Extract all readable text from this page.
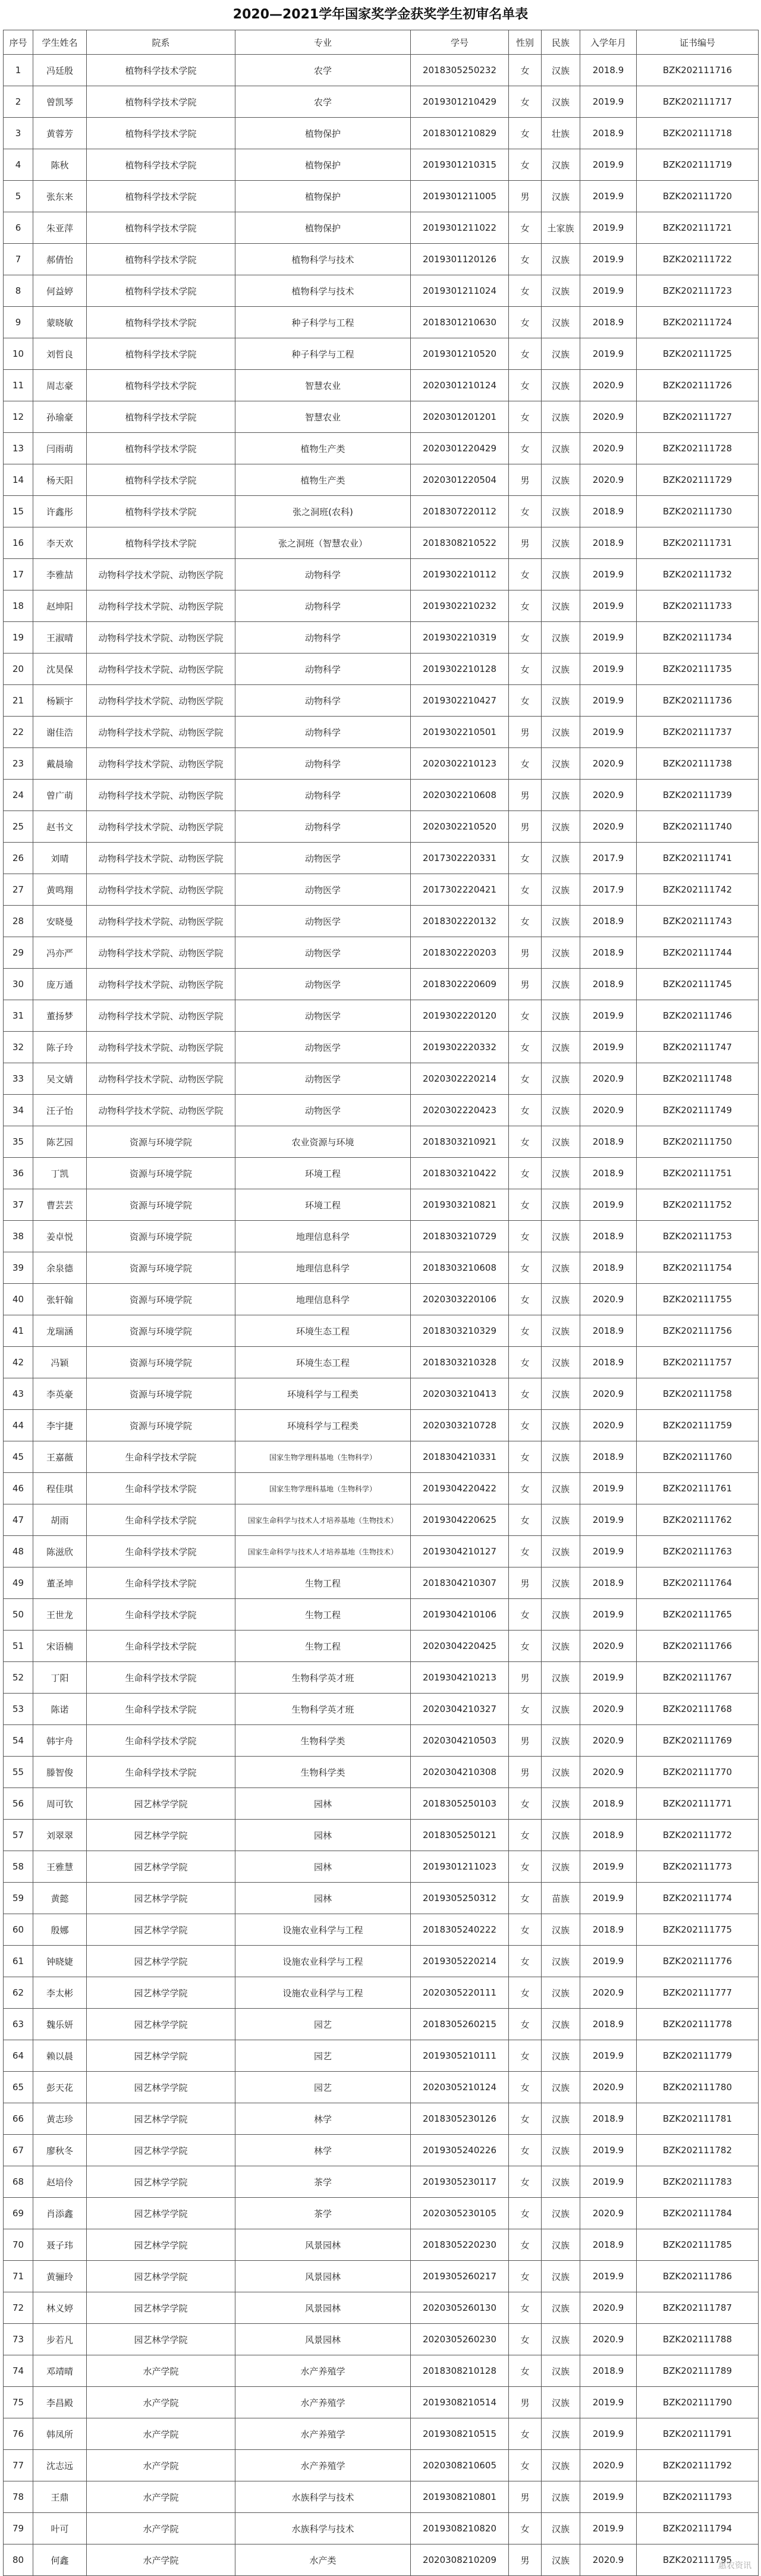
2020—2021学年国家奖学金获奖学生初审名单表
序号	学生姓名	院系	专业	学号	性别	民族	入学年月	证书编号
1	冯廷殷	植物科学技术学院	农学	2018305250232	女	汉族	2018.9	BZK202111716
2	曾凯琴	植物科学技术学院	农学	2019301210429	女	汉族	2019.9	BZK202111717
3	黄蓉芳	植物科学技术学院	植物保护	2018301210829	女	壮族	2018.9	BZK202111718
4	陈秋	植物科学技术学院	植物保护	2019301210315	女	汉族	2019.9	BZK202111719
5	张东来	植物科学技术学院	植物保护	2019301211005	男	汉族	2019.9	BZK202111720
6	朱亚萍	植物科学技术学院	植物保护	2019301211022	女	土家族	2019.9	BZK202111721
7	郝倩怡	植物科学技术学院	植物科学与技术	2019301120126	女	汉族	2019.9	BZK202111722
8	何益婷	植物科学技术学院	植物科学与技术	2019301211024	女	汉族	2019.9	BZK202111723
9	蒙晓敏	植物科学技术学院	种子科学与工程	2018301210630	女	汉族	2018.9	BZK202111724
10	刘哲良	植物科学技术学院	种子科学与工程	2019301210520	女	汉族	2019.9	BZK202111725
11	周志豪	植物科学技术学院	智慧农业	2020301210124	女	汉族	2020.9	BZK202111726
12	孙瑜豪	植物科学技术学院	智慧农业	2020301201201	女	汉族	2020.9	BZK202111727
13	闫雨萌	植物科学技术学院	植物生产类	2020301220429	女	汉族	2020.9	BZK202111728
14	杨天阳	植物科学技术学院	植物生产类	2020301220504	男	汉族	2020.9	BZK202111729
15	许鑫彤	植物科学技术学院	张之洞班(农科)	2018307220112	女	汉族	2018.9	BZK202111730
16	李天欢	植物科学技术学院	张之洞班（智慧农业）	2018308210522	男	汉族	2018.9	BZK202111731
17	李雅喆	动物科学技术学院、动物医学院	动物科学	2019302210112	女	汉族	2019.9	BZK202111732
18	赵坤阳	动物科学技术学院、动物医学院	动物科学	2019302210232	女	汉族	2019.9	BZK202111733
19	王淑晴	动物科学技术学院、动物医学院	动物科学	2019302210319	女	汉族	2019.9	BZK202111734
20	沈昊保	动物科学技术学院、动物医学院	动物科学	2019302210128	女	汉族	2019.9	BZK202111735
21	杨颖宇	动物科学技术学院、动物医学院	动物科学	2019302210427	女	汉族	2019.9	BZK202111736
22	谢佳浩	动物科学技术学院、动物医学院	动物科学	2019302210501	男	汉族	2019.9	BZK202111737
23	戴晨瑜	动物科学技术学院、动物医学院	动物科学	2020302210123	女	汉族	2020.9	BZK202111738
24	曾广萌	动物科学技术学院、动物医学院	动物科学	2020302210608	男	汉族	2020.9	BZK202111739
25	赵书文	动物科学技术学院、动物医学院	动物科学	2020302210520	男	汉族	2020.9	BZK202111740
26	刘晴	动物科学技术学院、动物医学院	动物医学	2017302220331	女	汉族	2017.9	BZK202111741
27	黄鸣翔	动物科学技术学院、动物医学院	动物医学	2017302220421	女	汉族	2017.9	BZK202111742
28	安晓曼	动物科学技术学院、动物医学院	动物医学	2018302220132	女	汉族	2018.9	BZK202111743
29	冯亦严	动物科学技术学院、动物医学院	动物医学	2018302220203	男	汉族	2018.9	BZK202111744
30	庞万通	动物科学技术学院、动物医学院	动物医学	2018302220609	男	汉族	2018.9	BZK202111745
31	董扬梦	动物科学技术学院、动物医学院	动物医学	2019302220120	女	汉族	2019.9	BZK202111746
32	陈子玲	动物科学技术学院、动物医学院	动物医学	2019302220332	女	汉族	2019.9	BZK202111747
33	吴文婧	动物科学技术学院、动物医学院	动物医学	2020302220214	女	汉族	2020.9	BZK202111748
34	汪子怡	动物科学技术学院、动物医学院	动物医学	2020302220423	女	汉族	2020.9	BZK202111749
35	陈艺园	资源与环境学院	农业资源与环境	2018303210921	女	汉族	2018.9	BZK202111750
36	丁凯	资源与环境学院	环境工程	2018303210422	女	汉族	2018.9	BZK202111751
37	曹芸芸	资源与环境学院	环境工程	2019303210821	女	汉族	2019.9	BZK202111752
38	姜卓悦	资源与环境学院	地理信息科学	2018303210729	女	汉族	2018.9	BZK202111753
39	余泉德	资源与环境学院	地理信息科学	2018303210608	女	汉族	2018.9	BZK202111754
40	张轩翰	资源与环境学院	地理信息科学	2020303220106	女	汉族	2020.9	BZK202111755
41	龙瑞涵	资源与环境学院	环境生态工程	2018303210329	女	汉族	2018.9	BZK202111756
42	冯颖	资源与环境学院	环境生态工程	2018303210328	女	汉族	2018.9	BZK202111757
43	李英豪	资源与环境学院	环境科学与工程类	2020303210413	女	汉族	2020.9	BZK202111758
44	李宇捷	资源与环境学院	环境科学与工程类	2020303210728	女	汉族	2020.9	BZK202111759
45	王嘉薇	生命科学技术学院	国家生物学理科基地（生物科学）	2018304210331	女	汉族	2018.9	BZK202111760
46	程佳琪	生命科学技术学院	国家生物学理科基地（生物科学）	2019304220422	女	汉族	2019.9	BZK202111761
47	胡雨	生命科学技术学院	国家生命科学与技术人才培养基地（生物技术）	2019304220625	女	汉族	2019.9	BZK202111762
48	陈滋欣	生命科学技术学院	国家生命科学与技术人才培养基地（生物技术）	2019304210127	女	汉族	2019.9	BZK202111763
49	董圣坤	生命科学技术学院	生物工程	2018304210307	男	汉族	2018.9	BZK202111764
50	王世龙	生命科学技术学院	生物工程	2019304210106	女	汉族	2019.9	BZK202111765
51	宋语楠	生命科学技术学院	生物工程	2020304220425	女	汉族	2020.9	BZK202111766
52	丁阳	生命科学技术学院	生物科学英才班	2019304210213	男	汉族	2019.9	BZK202111767
53	陈诺	生命科学技术学院	生物科学英才班	2020304210327	女	汉族	2020.9	BZK202111768
54	韩宇舟	生命科学技术学院	生物科学类	2020304210503	男	汉族	2020.9	BZK202111769
55	滕智俊	生命科学技术学院	生物科学类	2020304210308	男	汉族	2020.9	BZK202111770
56	周可钦	园艺林学学院	园林	2018305250103	女	汉族	2018.9	BZK202111771
57	刘翠翠	园艺林学学院	园林	2018305250121	女	汉族	2018.9	BZK202111772
58	王雅慧	园艺林学学院	园林	2019301211023	女	汉族	2019.9	BZK202111773
59	黄懿	园艺林学学院	园林	2019305250312	女	苗族	2019.9	BZK202111774
60	殷娜	园艺林学学院	设施农业科学与工程	2018305240222	女	汉族	2018.9	BZK202111775
61	钟晓婕	园艺林学学院	设施农业科学与工程	2019305220214	女	汉族	2019.9	BZK202111776
62	李太彬	园艺林学学院	设施农业科学与工程	2020305220111	女	汉族	2020.9	BZK202111777
63	魏乐妍	园艺林学学院	园艺	2018305260215	女	汉族	2018.9	BZK202111778
64	赖以晨	园艺林学学院	园艺	2019305210111	女	汉族	2019.9	BZK202111779
65	彭天花	园艺林学学院	园艺	2020305210124	女	汉族	2020.9	BZK202111780
66	黄志珍	园艺林学学院	林学	2018305230126	女	汉族	2018.9	BZK202111781
67	廖秋冬	园艺林学学院	林学	2019305240226	女	汉族	2019.9	BZK202111782
68	赵培伶	园艺林学学院	茶学	2019305230117	女	汉族	2019.9	BZK202111783
69	肖添鑫	园艺林学学院	茶学	2020305230105	女	汉族	2020.9	BZK202111784
70	聂子玮	园艺林学学院	风景园林	2018305220230	女	汉族	2018.9	BZK202111785
71	黄骊玲	园艺林学学院	风景园林	2019305260217	女	汉族	2019.9	BZK202111786
72	林义婷	园艺林学学院	风景园林	2020305260130	女	汉族	2020.9	BZK202111787
73	步若凡	园艺林学学院	风景园林	2020305260230	女	汉族	2020.9	BZK202111788
74	邓靖晴	水产学院	水产养殖学	2018308210128	女	汉族	2018.9	BZK202111789
75	李昌殿	水产学院	水产养殖学	2019308210514	男	汉族	2019.9	BZK202111790
76	韩凤所	水产学院	水产养殖学	2019308210515	女	汉族	2019.9	BZK202111791
77	沈志远	水产学院	水产养殖学	2020308210605	女	汉族	2020.9	BZK202111792
78	王鼎	水产学院	水族科学与技术	2019308210801	男	汉族	2019.9	BZK202111793
79	叶可	水产学院	水族科学与技术	2019308210820	女	汉族	2019.9	BZK202111794
80	何鑫	水产学院	水产类	2020308210209	男	汉族	2020.9	BZK202111795
惠农资讯
